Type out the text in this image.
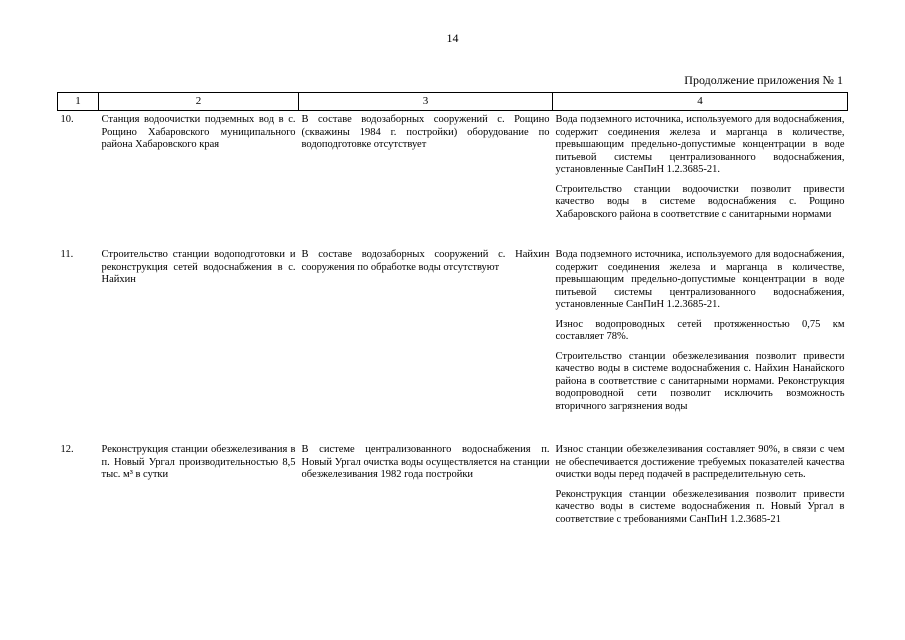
14
Продолжение приложения № 1
1	2	3	4
10.	Станция водоочистки подземных вод в с. Рощино Хабаровского муниципального района Хабаровского края	В составе водозаборных сооружений с. Рощино (скважины 1984 г. постройки) оборудование по водоподготовке отсутствует	Вода подземного источника, используемого для водоснабжения, содержит соединения железа и марганца в количестве, превышающим предельно-допустимые концентрации в воде питьевой системы централизованного водоснабжения, установленные СанПиН 1.2.3685-21.

Строительство станции водоочистки позволит привести качество воды в системе водоснабжения с. Рощино Хабаровского района в соответствие с санитарными нормами

11.	Строительство станции водоподготовки и реконструкция сетей водоснабжения в с. Найхин	В составе водозаборных сооружений с. Найхин сооружения по обработке воды отсутствуют	Вода подземного источника, используемого для водоснабжения, содержит соединения железа и марганца в количестве, превышающим предельно-допустимые концентрации в воде питьевой системы централизованного водоснабжения, установленные СанПиН 1.2.3685-21.

Износ водопроводных сетей протяженностью 0,75 км составляет 78%.

Строительство станции обезжелезивания позволит привести качество воды в системе водоснабжения с. Найхин Нанайского района в соответствие с санитарными нормами. Реконструкция водопроводной сети позволит исключить возможность вторичного загрязнения воды

12.	Реконструкция станции обезжелезивания в п. Новый Ургал производительностью 8,5 тыс. м³ в сутки	В системе централизованного водоснабжения п. Новый Ургал очистка воды осуществляется на станции обезжелезивания 1982 года постройки	Износ станции обезжелезивания составляет 90%, в связи с чем не обеспечивается достижение требуемых показателей качества очистки воды перед подачей в распределительную сеть.

Реконструкция станции обезжелезивания позволит привести качество воды в системе водоснабжения п. Новый Ургал в соответствие с требованиями СанПиН 1.2.3685-21
